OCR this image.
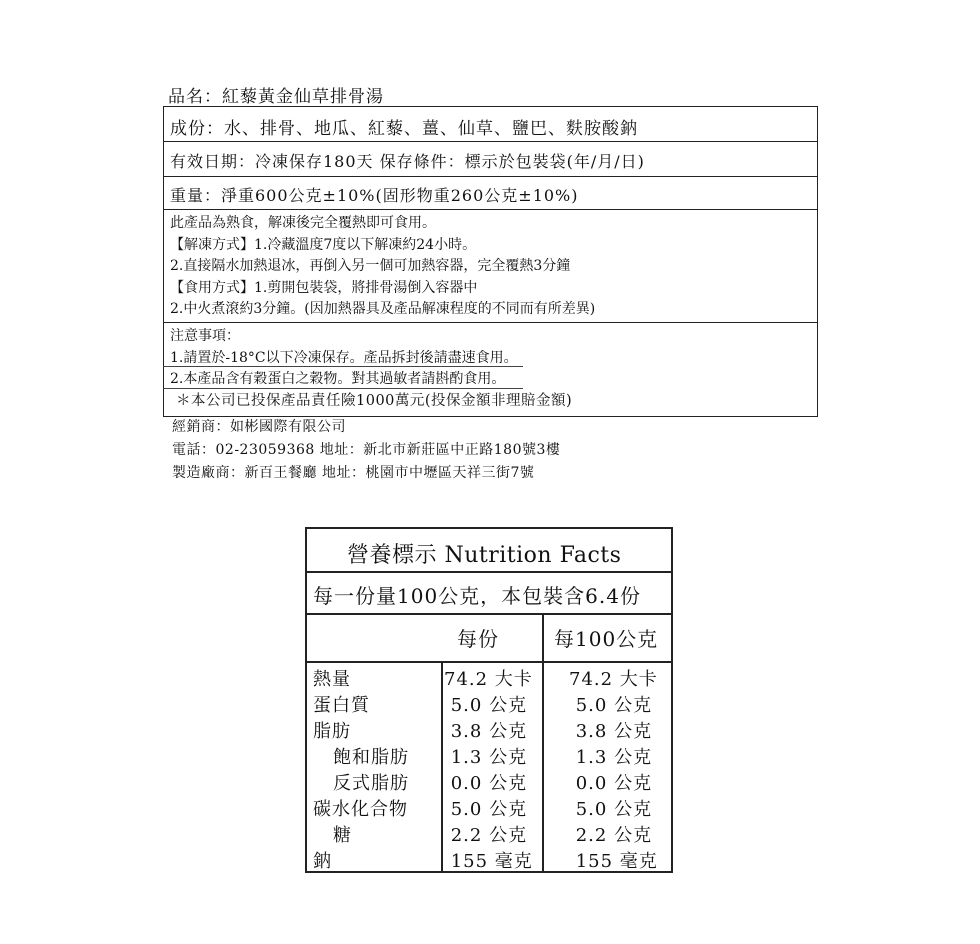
品名：紅藜黃金仙草排骨湯
成份：水、排骨、地瓜、紅藜、薑、仙草、鹽巴、麩胺酸鈉
有效日期：冷凍保存180天 保存條件：標示於包裝袋(年/月/日)
重量：淨重600公克±10%(固形物重260公克±10%)
此產品為熟食，解凍後完全覆熱即可食用。
【解凍方式】1.冷藏溫度7度以下解凍約24小時。
2.直接隔水加熱退冰，再倒入另一個可加熱容器，完全覆熱3分鐘
【食用方式】1.剪開包裝袋，將排骨湯倒入容器中
2.中火煮滾約3分鐘。(因加熱器具及產品解凍程度的不同而有所差異)
注意事項：
1.請置於-18°C以下冷凍保存。產品拆封後請盡速食用。
2.本產品含有穀蛋白之穀物。對其過敏者請斟酌食用。
＊本公司已投保產品責任險1000萬元(投保金額非理賠金額)
經銷商：如彬國際有限公司
電話：02-23059368 地址：新北市新莊區中正路180號3樓
製造廠商：新百王餐廳 地址：桃園市中壢區天祥三街7號
營養標示 Nutrition Facts
每一份量100公克，本包裝含6.4份
每份	每100公克
熱量	74.2 大卡 74.2 大卡
蛋白質	5.0 公克 5.0 公克
脂肪	3.8 公克 3.8 公克
飽和脂肪 1.3 公克 1.3 公克
反式脂肪 0.0 公克 0.0 公克
碳水化合物 5.0 公克 5.0 公克
糖	2.2 公克 2.2 公克
鈉	155 毫克 155 毫克
